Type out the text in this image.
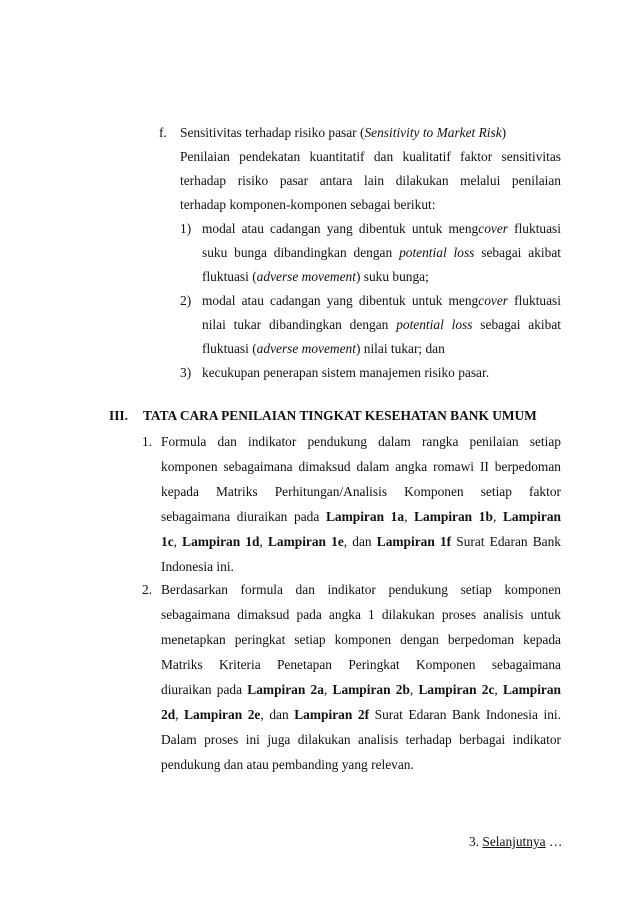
f. Sensitivitas terhadap risiko pasar (Sensitivity to Market Risk)
Penilaian pendekatan kuantitatif dan kualitatif faktor sensitivitas
terhadap risiko pasar antara lain dilakukan melalui penilaian
terhadap komponen-komponen sebagai berikut:
1) modal atau cadangan yang dibentuk untuk mengcover fluktuasi
suku bunga dibandingkan dengan potential loss sebagai akibat
fluktuasi (adverse movement) suku bunga;
2) modal atau cadangan yang dibentuk untuk mengcover fluktuasi
nilai tukar dibandingkan dengan potential loss sebagai akibat
fluktuasi (adverse movement) nilai tukar; dan
3) kecukupan penerapan sistem manajemen risiko pasar.
III. TATA CARA PENILAIAN TINGKAT KESEHATAN BANK UMUM
1. Formula dan indikator pendukung dalam rangka penilaian setiap
komponen sebagaimana dimaksud dalam angka romawi II berpedoman
kepada Matriks Perhitungan/Analisis Komponen setiap faktor
sebagaimana diuraikan pada Lampiran 1a, Lampiran 1b, Lampiran
1c, Lampiran 1d, Lampiran 1e, dan Lampiran 1f Surat Edaran Bank
Indonesia ini.
2. Berdasarkan formula dan indikator pendukung setiap komponen
sebagaimana dimaksud pada angka 1 dilakukan proses analisis untuk
menetapkan peringkat setiap komponen dengan berpedoman kepada
Matriks Kriteria Penetapan Peringkat Komponen sebagaimana
diuraikan pada Lampiran 2a, Lampiran 2b, Lampiran 2c, Lampiran
2d, Lampiran 2e, dan Lampiran 2f Surat Edaran Bank Indonesia ini.
Dalam proses ini juga dilakukan analisis terhadap berbagai indikator
pendukung dan atau pembanding yang relevan.
3. Selanjutnya …
